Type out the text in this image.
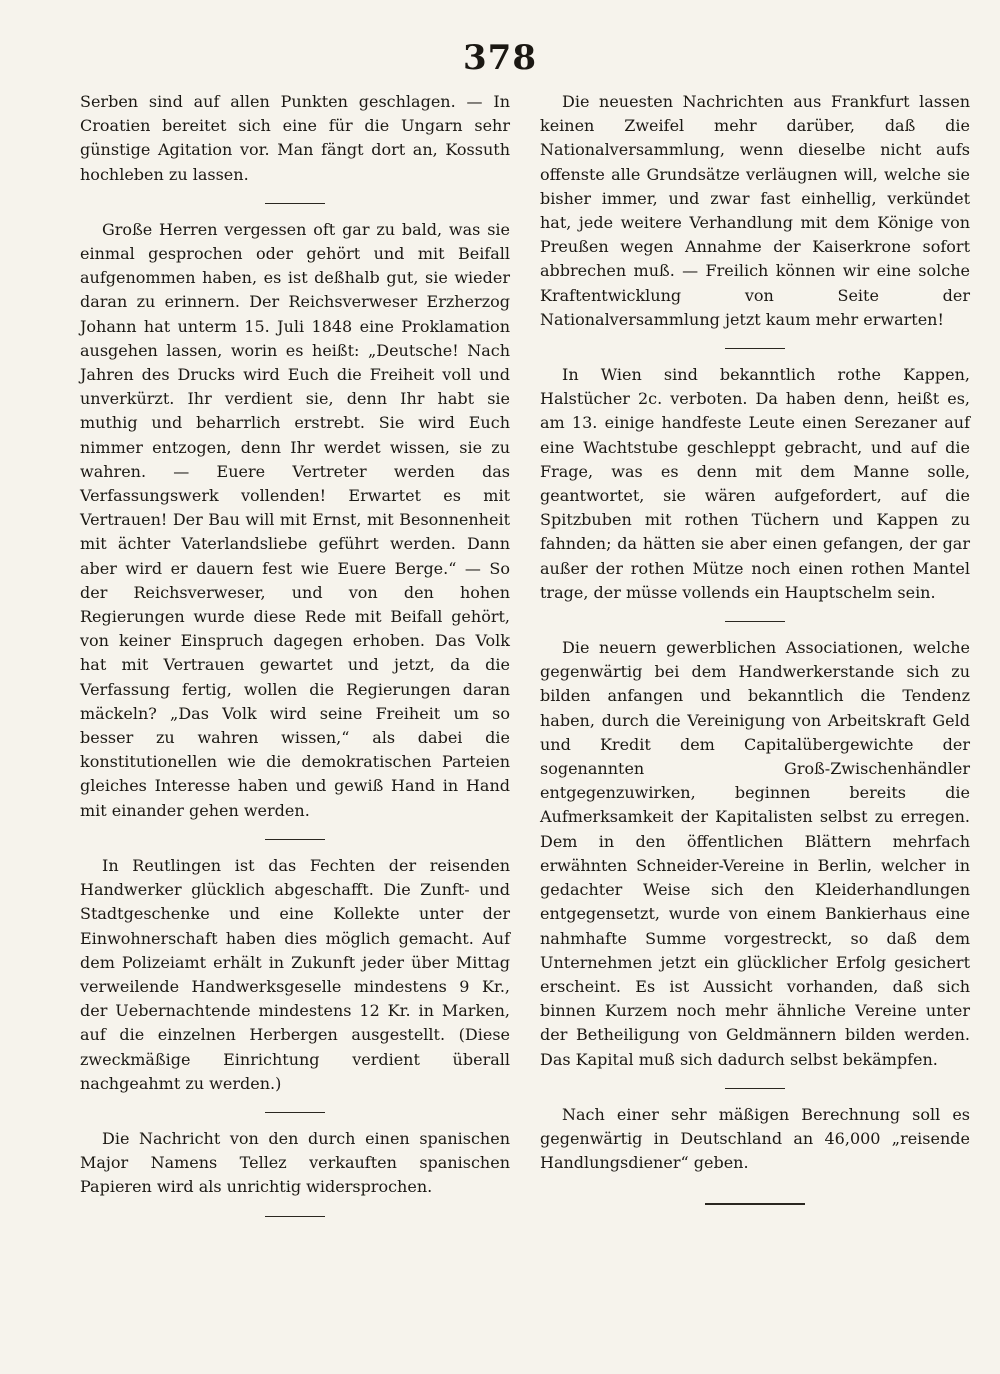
378

Serben sind auf allen Punkten geschlagen. — In Croatien bereitet sich eine für die Ungarn sehr günstige Agitation vor. Man fängt dort an, Kossuth hochleben zu lassen.

Große Herren vergessen oft gar zu bald, was sie einmal gesprochen oder gehört und mit Beifall aufgenommen haben, es ist deßhalb gut, sie wieder daran zu erinnern. Der Reichsverweser Erzherzog Johann hat unterm 15. Juli 1848 eine Proklamation ausgehen lassen, worin es heißt: „Deutsche! Nach Jahren des Drucks wird Euch die Freiheit voll und unverkürzt. Ihr verdient sie, denn Ihr habt sie muthig und beharrlich erstrebt. Sie wird Euch nimmer entzogen, denn Ihr werdet wissen, sie zu wahren. — Euere Vertreter werden das Verfassungswerk vollenden! Erwartet es mit Vertrauen! Der Bau will mit Ernst, mit Besonnenheit mit ächter Vaterlandsliebe geführt werden. Dann aber wird er dauern fest wie Euere Berge.“ — So der Reichsverweser, und von den hohen Regierungen wurde diese Rede mit Beifall gehört, von keiner Einspruch dagegen erhoben. Das Volk hat mit Vertrauen gewartet und jetzt, da die Verfassung fertig, wollen die Regierungen daran mäckeln? „Das Volk wird seine Freiheit um so besser zu wahren wissen,“ als dabei die konstitutionellen wie die demokratischen Parteien gleiches Interesse haben und gewiß Hand in Hand mit einander gehen werden.

In Reutlingen ist das Fechten der reisenden Handwerker glücklich abgeschafft. Die Zunft- und Stadtgeschenke und eine Kollekte unter der Einwohnerschaft haben dies möglich gemacht. Auf dem Polizeiamt erhält in Zukunft jeder über Mittag verweilende Handwerksgeselle mindestens 9 Kr., der Uebernachtende mindestens 12 Kr. in Marken, auf die einzelnen Herbergen ausgestellt. (Diese zweckmäßige Einrichtung verdient überall nachgeahmt zu werden.)

Die Nachricht von den durch einen spanischen Major Namens Tellez verkauften spanischen Papieren wird als unrichtig widersprochen.

Die neuesten Nachrichten aus Frankfurt lassen keinen Zweifel mehr darüber, daß die Nationalversammlung, wenn dieselbe nicht aufs offenste alle Grundsätze verläugnen will, welche sie bisher immer, und zwar fast einhellig, verkündet hat, jede weitere Verhandlung mit dem Könige von Preußen wegen Annahme der Kaiserkrone sofort abbrechen muß. — Freilich können wir eine solche Kraftentwicklung von Seite der Nationalversammlung jetzt kaum mehr erwarten!

In Wien sind bekanntlich rothe Kappen, Halstücher 2c. verboten. Da haben denn, heißt es, am 13. einige handfeste Leute einen Serezaner auf eine Wachtstube geschleppt gebracht, und auf die Frage, was es denn mit dem Manne solle, geantwortet, sie wären aufgefordert, auf die Spitzbuben mit rothen Tüchern und Kappen zu fahnden; da hätten sie aber einen gefangen, der gar außer der rothen Mütze noch einen rothen Mantel trage, der müsse vollends ein Hauptschelm sein.

Die neuern gewerblichen Associationen, welche gegenwärtig bei dem Handwerkerstande sich zu bilden anfangen und bekanntlich die Tendenz haben, durch die Vereinigung von Arbeitskraft Geld und Kredit dem Capitalübergewichte der sogenannten Groß-Zwischenhändler entgegenzuwirken, beginnen bereits die Aufmerksamkeit der Kapitalisten selbst zu erregen. Dem in den öffentlichen Blättern mehrfach erwähnten Schneider-Vereine in Berlin, welcher in gedachter Weise sich den Kleiderhandlungen entgegensetzt, wurde von einem Bankierhaus eine nahmhafte Summe vorgestreckt, so daß dem Unternehmen jetzt ein glücklicher Erfolg gesichert erscheint. Es ist Aussicht vorhanden, daß sich binnen Kurzem noch mehr ähnliche Vereine unter der Betheiligung von Geldmännern bilden werden. Das Kapital muß sich dadurch selbst bekämpfen.

Nach einer sehr mäßigen Berechnung soll es gegenwärtig in Deutschland an 46,000 „reisende Handlungsdiener“ geben.
